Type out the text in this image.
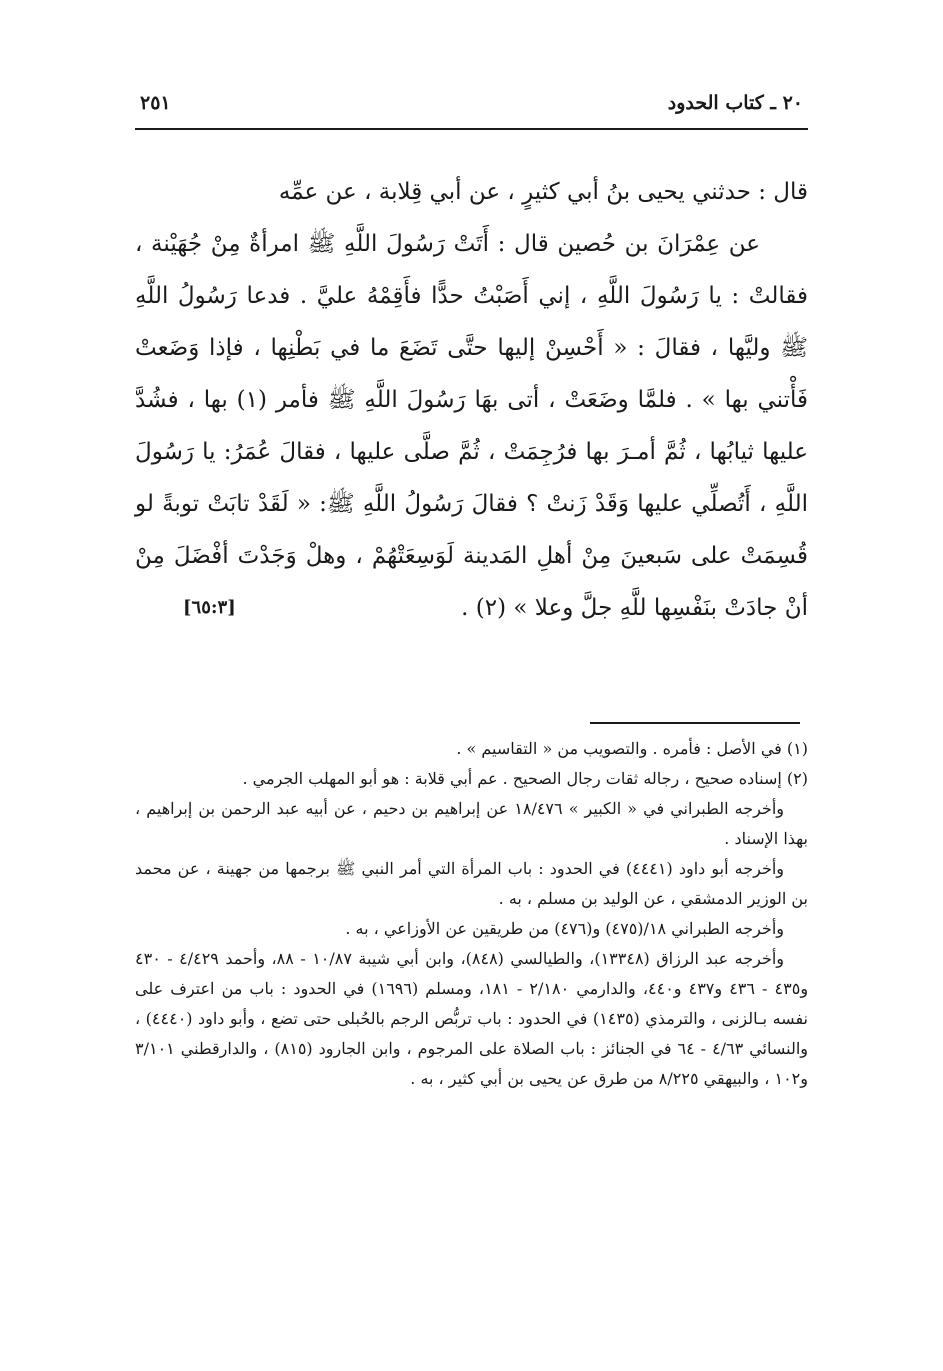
٢٥١	٢٠ ـ كتاب الحدود

قال : حدثني يحيى بنُ أبي كثيرٍ ، عن أبي قِلابة ، عن عمِّه

عن عِمْرَانَ بن حُصين قال : أَتَتْ رَسُولَ اللَّهِ ﷺ امرأةٌ مِنْ جُهَيْنة ، فقالتْ : يا رَسُولَ اللَّهِ ، إني أَصَبْتُ حدًّا فأَقِمْهُ عليَّ . فدعا رَسُولُ اللَّهِ ﷺ وليَّها ، فقالَ : « أَحْسِنْ إليها حتَّى تَضَعَ ما في بَطْنِها ، فإذا وَضَعتْ فَأْتني بها » . فلمَّا وضَعَتْ ، أتى بهَا رَسُولَ اللَّهِ ﷺ فأمر (١) بها ، فشُدَّ عليها ثيابُها ، ثُمَّ أمـرَ بها فرُجِمَتْ ، ثُمَّ صلَّى عليها ، فقالَ عُمَرُ: يا رَسُولَ اللَّهِ ، أَتُصلِّي عليها وَقَدْ زَنتْ ؟ فقالَ رَسُولُ اللَّهِ ﷺ: « لَقَدْ تابَتْ توبةً لو قُسِمَتْ على سَبعينَ مِنْ أهلِ المَدينة لَوَسِعَتْهُمْ ، وهلْ وَجَدْتَ أفْضَلَ مِنْ أنْ جادَتْ بنَفْسِها للَّهِ جلَّ وعلا » (٢) .
[٦٥:٣]

(١) في الأصل : فأمره . والتصويب من « التقاسيم » .

(٢) إسناده صحيح ، رجاله ثقات رجال الصحيح . عم أبي قلابة : هو أبو المهلب الجرمي .

وأخرجه الطبراني في « الكبير » ١٨/٤٧٦ عن إبراهيم بن دحيم ، عن أبيه عبد الرحمن بن إبراهيم ، بهذا الإسناد .

وأخرجه أبو داود (٤٤٤١) في الحدود : باب المرأة التي أمر النبي ﷺ برجمها من جهينة ، عن محمد بن الوزير الدمشقي ، عن الوليد بن مسلم ، به .

وأخرجه الطبراني ١٨/(٤٧٥) و(٤٧٦) من طريقين عن الأوزاعي ، به .

وأخرجه عبد الرزاق (١٣٣٤٨)، والطيالسي (٨٤٨)، وابن أبي شيبة ١٠/٨٧ - ٨٨، وأحمد ٤/٤٢٩ - ٤٣٠ و٤٣٥ - ٤٣٦ و٤٣٧ و٤٤٠، والدارمي ٢/١٨٠ - ١٨١، ومسلم (١٦٩٦) في الحدود : باب من اعترف على نفسه بـالزنى ، والترمذي (١٤٣٥) في الحدود : باب تربُّص الرجم بالحُبلى حتى تضع ، وأبو داود (٤٤٤٠) ، والنسائي ٤/٦٣ - ٦٤ في الجنائز : باب الصلاة على المرجوم ، وابن الجارود (٨١٥) ، والدارقطني ٣/١٠١ و١٠٢ ، والبيهقي ٨/٢٢٥ من طرق عن يحيى بن أبي كثير ، به .
